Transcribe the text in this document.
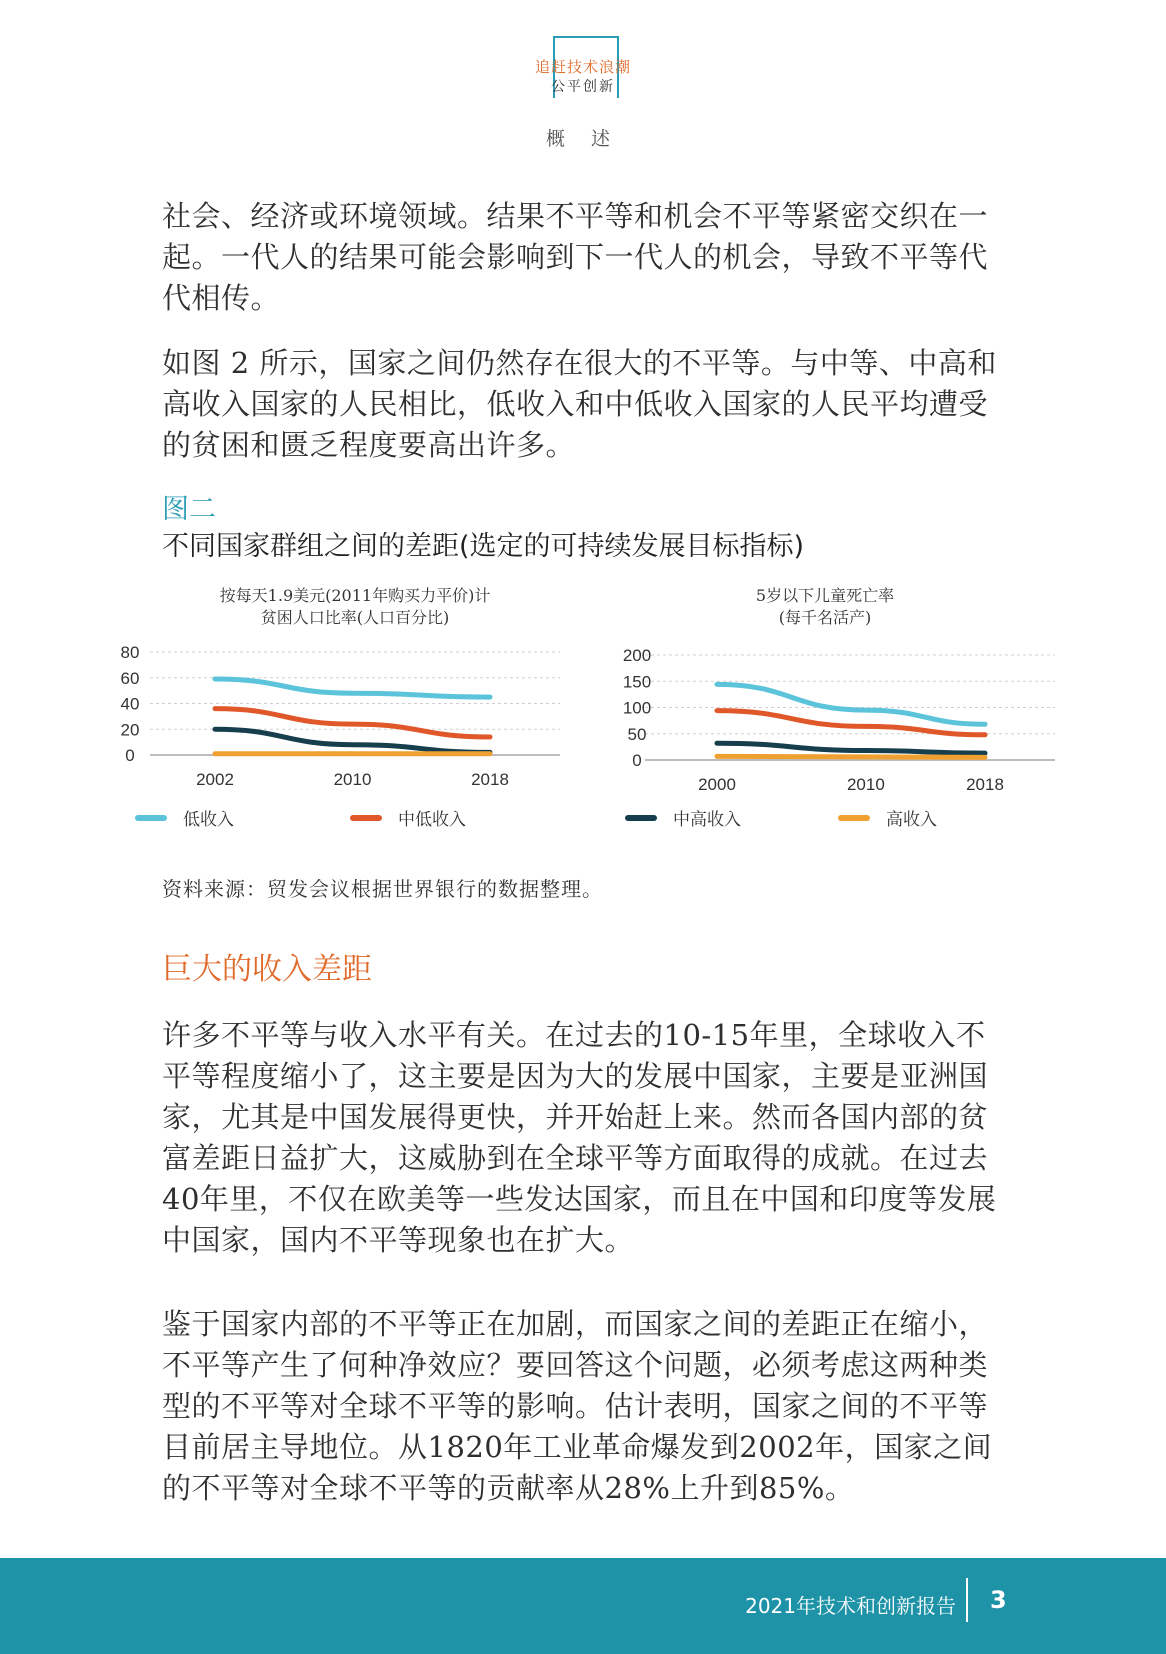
追赶技术浪潮
公平创新
概 述
社会、经济或环境领域。结果不平等和机会不平等紧密交织在一起。一代人的结果可能会影响到下一代人的机会，导致不平等代代相传。
如图 2 所示，国家之间仍然存在很大的不平等。与中等、中高和高收入国家的人民相比，低收入和中低收入国家的人民平均遭受的贫困和匮乏程度要高出许多。
图二
不同国家群组之间的差距(选定的可持续发展目标指标)
按每天1.9美元(2011年购买力平价)计
贫困人口比率(人口百分比)
5岁以下儿童死亡率
(每千名活产)
0
20
40
60
80
2002	2010	2018
0
50
100
150
200
2000	2010	2018
低收入	中低收入	中高收入	高收入
资料来源：贸发会议根据世界银行的数据整理。
巨大的收入差距
许多不平等与收入水平有关。在过去的10-15年里，全球收入不平等程度缩小了，这主要是因为大的发展中国家，主要是亚洲国家，尤其是中国发展得更快，并开始赶上来。然而各国内部的贫富差距日益扩大，这威胁到在全球平等方面取得的成就。在过去40年里，不仅在欧美等一些发达国家，而且在中国和印度等发展中国家，国内不平等现象也在扩大。
鉴于国家内部的不平等正在加剧，而国家之间的差距正在缩小，不平等产生了何种净效应？要回答这个问题，必须考虑这两种类型的不平等对全球不平等的影响。估计表明，国家之间的不平等目前居主导地位。从1820年工业革命爆发到2002年，国家之间的不平等对全球不平等的贡献率从28%上升到85%。
2021年技术和创新报告 3
